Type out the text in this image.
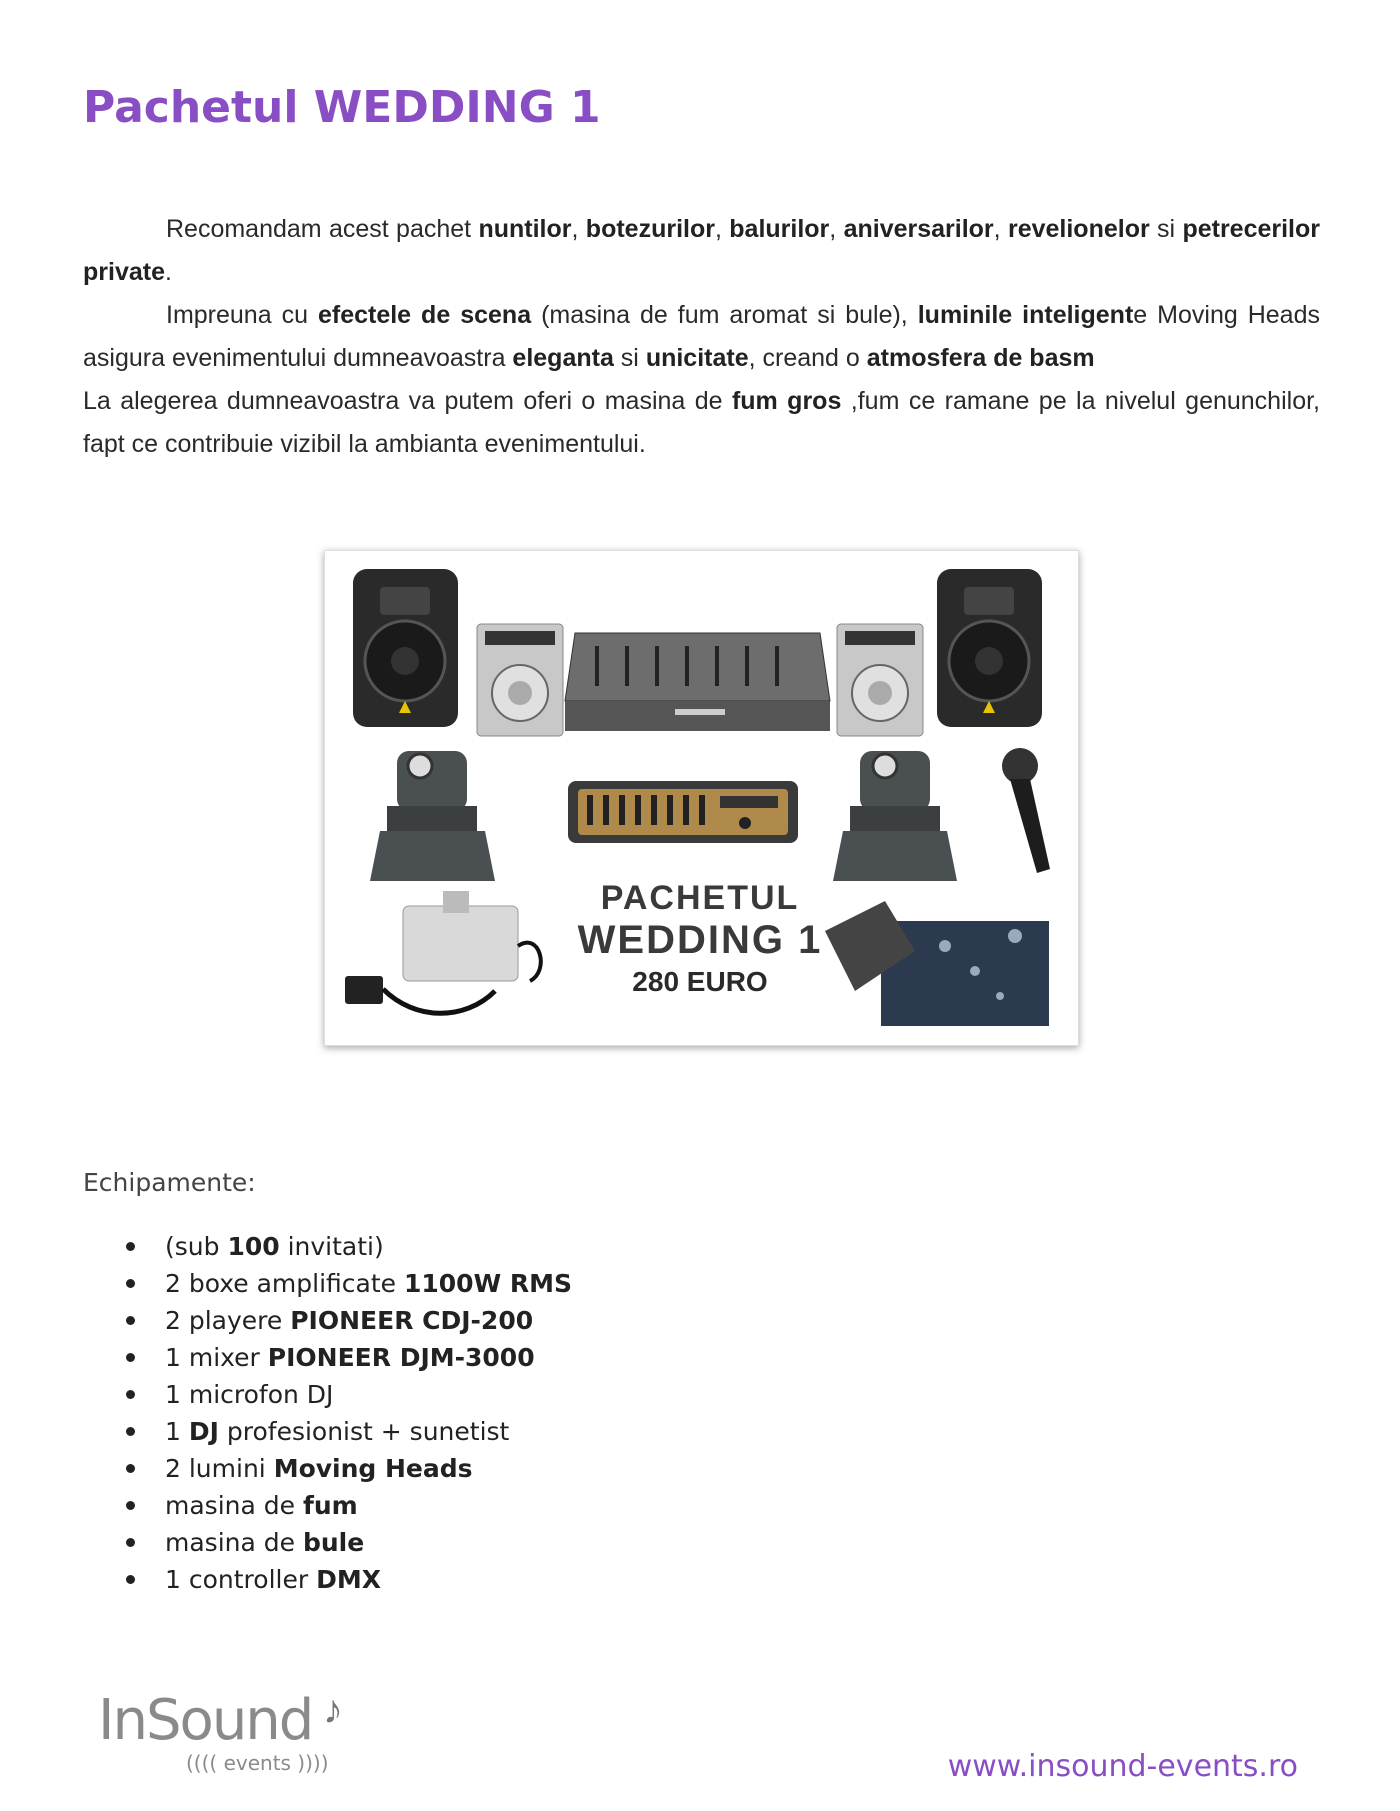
Pachetul WEDDING 1

Recomandam acest pachet nuntilor, botezurilor, balurilor, aniversarilor, revelionelor si petrecerilor private.

Impreuna cu efectele de scena (masina de fum aromat si bule), luminile inteligente Moving Heads asigura evenimentului dumneavoastra eleganta si unicitate, creand o atmosfera de basm

La alegerea dumneavoastra va putem oferi o masina de fum gros ,fum ce ramane pe la nivelul genunchilor, fapt ce contribuie vizibil la ambianta evenimentului.

PACHETUL
WEDDING 1
280 EURO
Echipamente:
(sub 100 invitati)
2 boxe amplificate 1100W RMS
2 playere PIONEER CDJ-200
1 mixer PIONEER DJM-3000
1 microfon DJ
1 DJ profesionist + sunetist
2 lumini Moving Heads
masina de fum
masina de bule
1 controller DMX
InSound ♪
(((( events ))))	www.insound-events.ro
